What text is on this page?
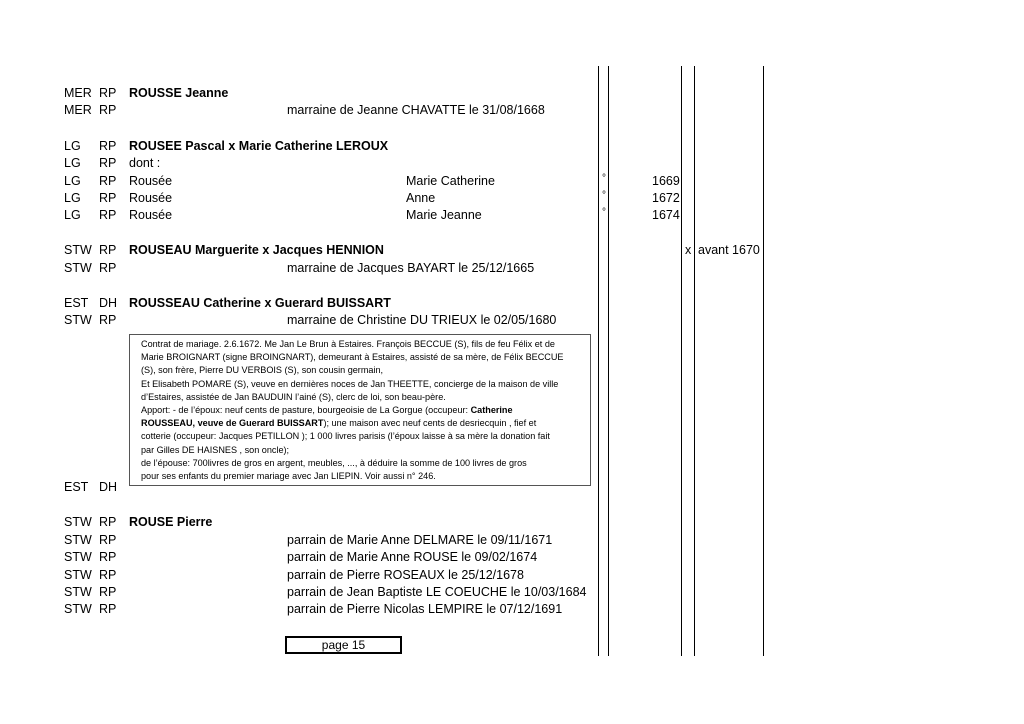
MER RP ROUSSE Jeanne
MER RP	marraine de Jeanne CHAVATTE le 31/08/1668
LG RP ROUSEE Pascal x Marie Catherine LEROUX
LG RP dont :
LG RP Rousée	Marie Catherine	°	1669
LG RP Rousée	Anne	°	1672
LG RP Rousée	Marie Jeanne	°	1674
STW RP ROUSEAU Marguerite x Jacques HENNION	x avant 1670
STW RP	marraine de Jacques BAYART le 25/12/1665
EST DH ROUSSEAU Catherine x Guerard BUISSART
STW RP	marraine de Christine DU TRIEUX le 02/05/1680
Contrat de mariage. 2.6.1672. Me Jan Le Brun à Estaires. François BECCUE (S), fils de feu Félix et de
Marie BROIGNART (signe BROINGNART), demeurant à Estaires, assisté de sa mère, de Félix BECCUE
(S), son frère, Pierre DU VERBOIS (S), son cousin germain,
Et Elisabeth POMARE (S), veuve en dernières noces de Jan THEETTE, concierge de la maison de ville
d’Estaires, assistée de Jan BAUDUIN l’ainé (S), clerc de loi, son beau-père.
Apport: - de l’époux: neuf cents de pasture, bourgeoisie de La Gorgue (occupeur: Catherine
ROUSSEAU, veuve de Guerard BUISSART); une maison avec neuf cents de desriecquin , fief et
cotterie (occupeur: Jacques PETILLON ); 1 000 livres parisis (l’époux laisse à sa mère la donation fait
par Gilles DE HAISNES , son oncle);
de l’épouse: 700livres de gros en argent, meubles, ..., à déduire la somme de 100 livres de gros
pour ses enfants du premier mariage avec Jan LIEPIN. Voir aussi n° 246.
EST DH
STW RP ROUSE Pierre
STW RP	parrain de Marie Anne DELMARE le 09/11/1671
STW RP	parrain de Marie Anne ROUSE le 09/02/1674
STW RP	parrain de Pierre ROSEAUX le 25/12/1678
STW RP	parrain de Jean Baptiste LE COEUCHE le 10/03/1684
STW RP	parrain de Pierre Nicolas LEMPIRE le 07/12/1691
page 15
